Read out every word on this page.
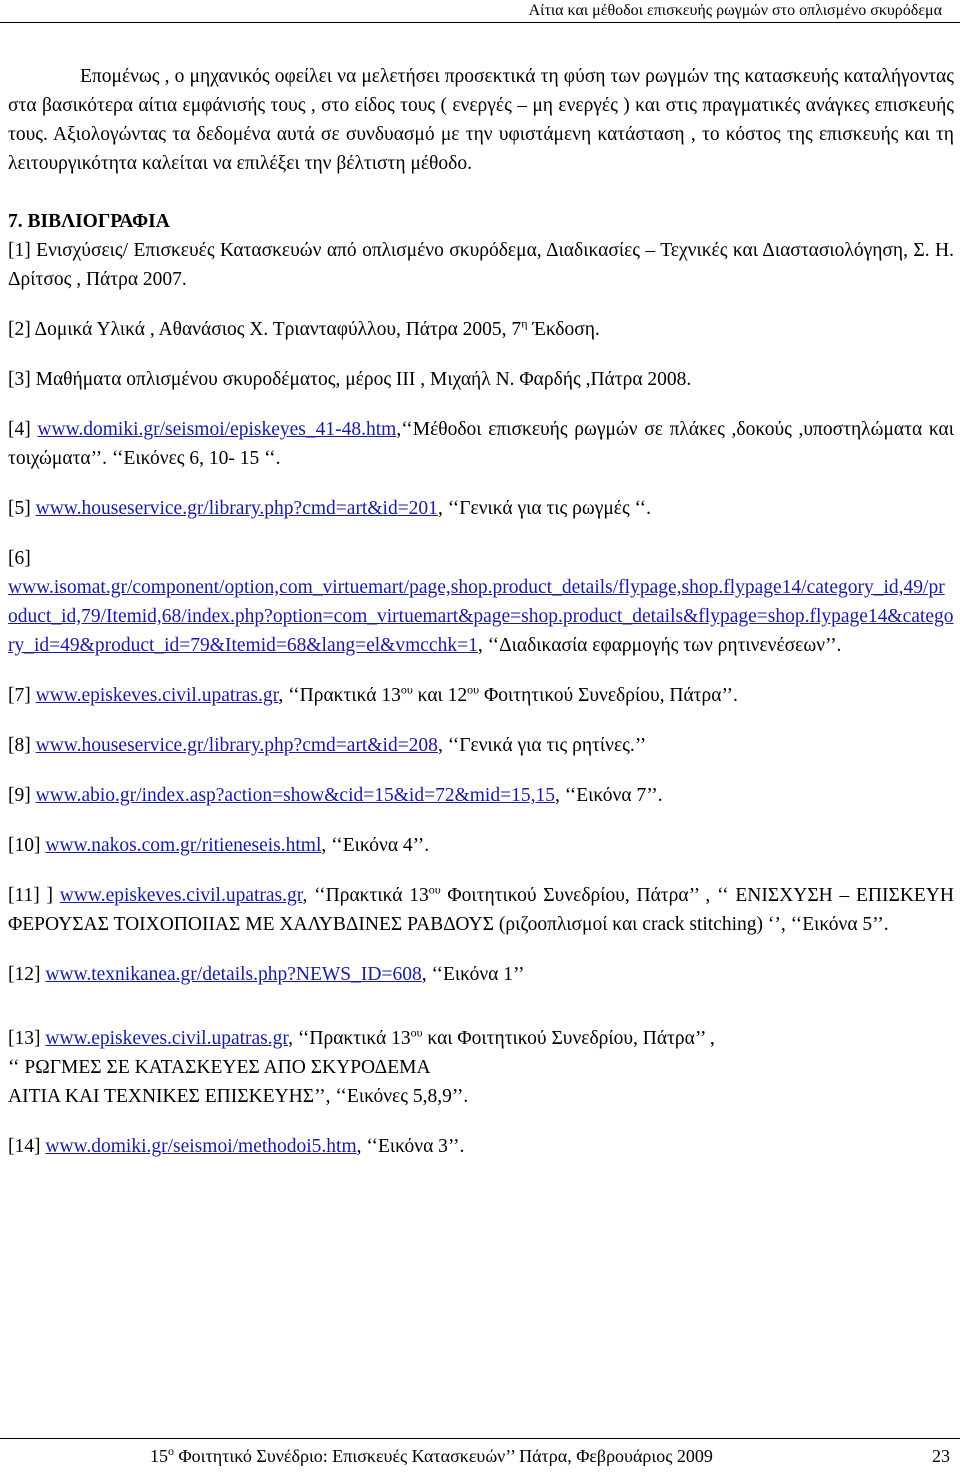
Αίτια και μέθοδοι επισκευής ρωγμών στο οπλισμένο σκυρόδεμα

Επομένως , ο μηχανικός οφείλει να μελετήσει προσεκτικά τη φύση των ρωγμών της κατασκευής καταλήγοντας στα βασικότερα αίτια εμφάνισής τους , στο είδος τους ( ενεργές – μη ενεργές ) και στις πραγματικές ανάγκες επισκευής τους. Αξιολογώντας τα δεδομένα αυτά σε συνδυασμό με την υφιστάμενη κατάσταση , το κόστος της επισκευής και τη λειτουργικότητα καλείται να επιλέξει την βέλτιστη μέθοδο.

7. ΒΙΒΛΙΟΓΡΑΦΙΑ
[1] Ενισχύσεις/ Επισκευές Κατασκευών από οπλισμένο σκυρόδεμα, Διαδικασίες – Τεχνικές και Διαστασιολόγηση, Σ. Η. Δρίτσος , Πάτρα 2007.
[2] Δομικά Υλικά , Αθανάσιος Χ. Τριανταφύλλου, Πάτρα 2005, $7^\eta$ Έκδοση.
[3] Μαθήματα οπλισμένου σκυροδέματος, μέρος ΙΙΙ , Μιχαήλ Ν. Φαρδής ,Πάτρα 2008.
[4] www.domiki.gr/seismoi/episkeyes_41-48.htm,‘‘Μέθοδοι επισκευής ρωγμών σε πλάκες ,δοκούς ,υποστηλώματα και τοιχώματα’’. ‘‘Εικόνες 6, 10- 15 ‘‘.
[5] www.houseservice.gr/library.php?cmd=art&id=201, ‘‘Γενικά για τις ρωγμές ‘‘.
[6]
www.isomat.gr/component/option,com_virtuemart/page,shop.product_details/flypage,shop.flypage14/category_id,49/product_id,79/Itemid,68/index.php?option=com_virtuemart&page=shop.product_details&flypage=shop.flypage14&category_id=49&product_id=79&Itemid=68&lang=el&vmcchk=1, ‘‘Διαδικασία εφαρμογής των ρητινενέσεων’’.
[7] www.episkeves.civil.upatras.gr, ‘‘Πρακτικά $13^{o\upsilon}$ και $12^{o\upsilon}$ Φοιτητικού Συνεδρίου, Πάτρα’’.
[8] www.houseservice.gr/library.php?cmd=art&id=208, ‘‘Γενικά για τις ρητίνες.’’
[9] www.abio.gr/index.asp?action=show&cid=15&id=72&mid=15,15, ‘‘Εικόνα 7’’.
[10] www.nakos.com.gr/ritieneseis.html, ‘‘Εικόνα 4’’.
[11] ] www.episkeves.civil.upatras.gr, ‘‘Πρακτικά $13^{o\upsilon}$ Φοιτητικού Συνεδρίου, Πάτρα’’ , ‘‘ ΕΝΙΣΧΥΣΗ – ΕΠΙΣΚΕΥΗ ΦΕΡΟΥΣΑΣ ΤΟΙΧΟΠΟΙΙΑΣ ΜΕ ΧΑΛΥΒΔΙΝΕΣ ΡΑΒΔΟΥΣ (ριζοοπλισμοί και crack stitching) ‘’, ‘‘Εικόνα 5’’.
[12] www.texnikanea.gr/details.php?NEWS_ID=608, ‘‘Εικόνα 1’’
[13] www.episkeves.civil.upatras.gr, ‘‘Πρακτικά $13^{o\upsilon}$ και Φοιτητικού Συνεδρίου, Πάτρα’’ ,
‘‘ ΡΩΓΜΕΣ ΣΕ ΚΑΤΑΣΚΕΥΕΣ ΑΠΟ ΣΚΥΡΟΔΕΜΑ
ΑΙΤΙΑ ΚΑΙ ΤΕΧΝΙΚΕΣ ΕΠΙΣΚΕΥΗΣ’’, ‘‘Εικόνες 5,8,9’’.
[14] www.domiki.gr/seismoi/methodoi5.htm, ‘‘Εικόνα 3’’.
$15^o$ Φοιτητικό Συνέδριο: Επισκευές Κατασκευών’’ Πάτρα, Φεβρουάριος 2009	23
